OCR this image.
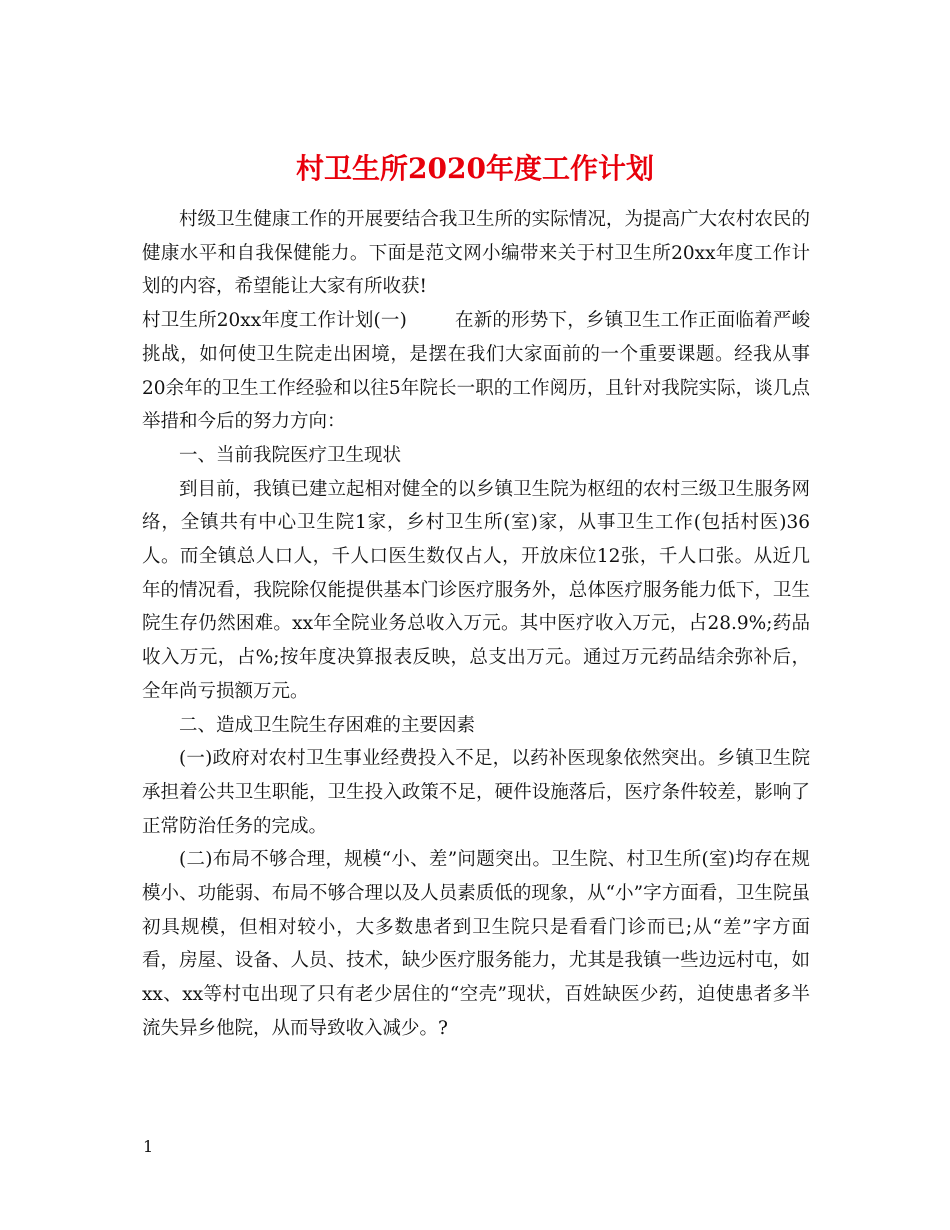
村卫生所2020年度工作计划

村级卫生健康工作的开展要结合我卫生所的实际情况，为提高广大农村农民的健康水平和自我保健能力。下面是范文网小编带来关于村卫生所20xx年度工作计划的内容，希望能让大家有所收获!

村卫生所20xx年度工作计划(一)	在新的形势下，乡镇卫生工作正面临着严峻挑战，如何使卫生院走出困境，是摆在我们大家面前的一个重要课题。经我从事20余年的卫生工作经验和以往5年院长一职的工作阅历，且针对我院实际，谈几点举措和今后的努力方向：

一、当前我院医疗卫生现状

到目前，我镇已建立起相对健全的以乡镇卫生院为枢纽的农村三级卫生服务网络，全镇共有中心卫生院1家，乡村卫生所(室)家，从事卫生工作(包括村医)36人。而全镇总人口人，千人口医生数仅占人，开放床位12张，千人口张。从近几年的情况看，我院除仅能提供基本门诊医疗服务外，总体医疗服务能力低下，卫生院生存仍然困难。xx年全院业务总收入万元。其中医疗收入万元，占28.9%;药品收入万元，占%;按年度决算报表反映，总支出万元。通过万元药品结余弥补后，全年尚亏损额万元。

二、造成卫生院生存困难的主要因素

(一)政府对农村卫生事业经费投入不足，以药补医现象依然突出。乡镇卫生院承担着公共卫生职能，卫生投入政策不足，硬件设施落后，医疗条件较差，影响了正常防治任务的完成。

(二)布局不够合理，规模“小、差”问题突出。卫生院、村卫生所(室)均存在规模小、功能弱、布局不够合理以及人员素质低的现象，从“小”字方面看，卫生院虽初具规模，但相对较小，大多数患者到卫生院只是看看门诊而已;从“差”字方面看，房屋、设备、人员、技术，缺少医疗服务能力，尤其是我镇一些边远村屯，如xx、xx等村屯出现了只有老少居住的“空壳”现状，百姓缺医少药，迫使患者多半流失异乡他院，从而导致收入减少。?

1
